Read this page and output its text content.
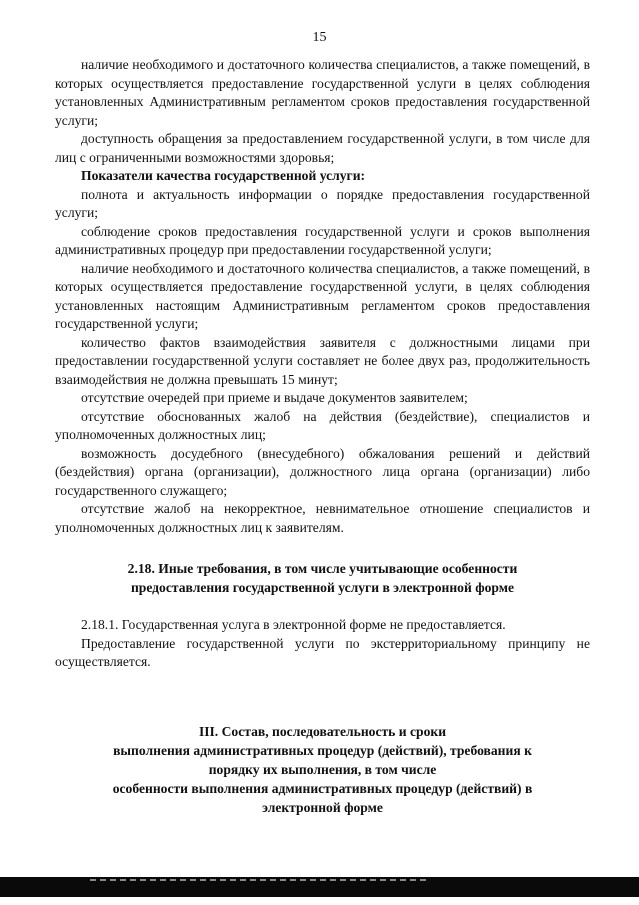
15

наличие необходимого и достаточного количества специалистов, а также помещений, в которых осуществляется предоставление государственной услуги в целях соблюдения установленных Административным регламентом сроков предоставления государственной услуги;

доступность обращения за предоставлением государственной услуги, в том числе для лиц с ограниченными возможностями здоровья;

Показатели качества государственной услуги:

полнота и актуальность информации о порядке предоставления государственной услуги;

соблюдение сроков предоставления государственной услуги и сроков выполнения административных процедур при предоставлении государственной услуги;

наличие необходимого и достаточного количества специалистов, а также помещений, в которых осуществляется предоставление государственной услуги, в целях соблюдения установленных настоящим Административным регламентом сроков предоставления государственной услуги;

количество фактов взаимодействия заявителя с должностными лицами при предоставлении государственной услуги составляет не более двух раз, продолжительность взаимодействия не должна превышать 15 минут;

отсутствие очередей при приеме и выдаче документов заявителем;

отсутствие обоснованных жалоб на действия (бездействие), специалистов и уполномоченных должностных лиц;

возможность досудебного (внесудебного) обжалования решений и действий (бездействия) органа (организации), должностного лица органа (организации) либо государственного служащего;

отсутствие жалоб на некорректное, невнимательное отношение специалистов и уполномоченных должностных лиц к заявителям.

2.18. Иные требования, в том числе учитывающие особенности
предоставления государственной услуги в электронной форме

2.18.1. Государственная услуга в электронной форме не предоставляется.

Предоставление государственной услуги по экстерриториальному принципу не осуществляется.

III. Состав, последовательность и сроки
выполнения административных процедур (действий), требования к
порядку их выполнения, в том числе
особенности выполнения административных процедур (действий) в
электронной форме
